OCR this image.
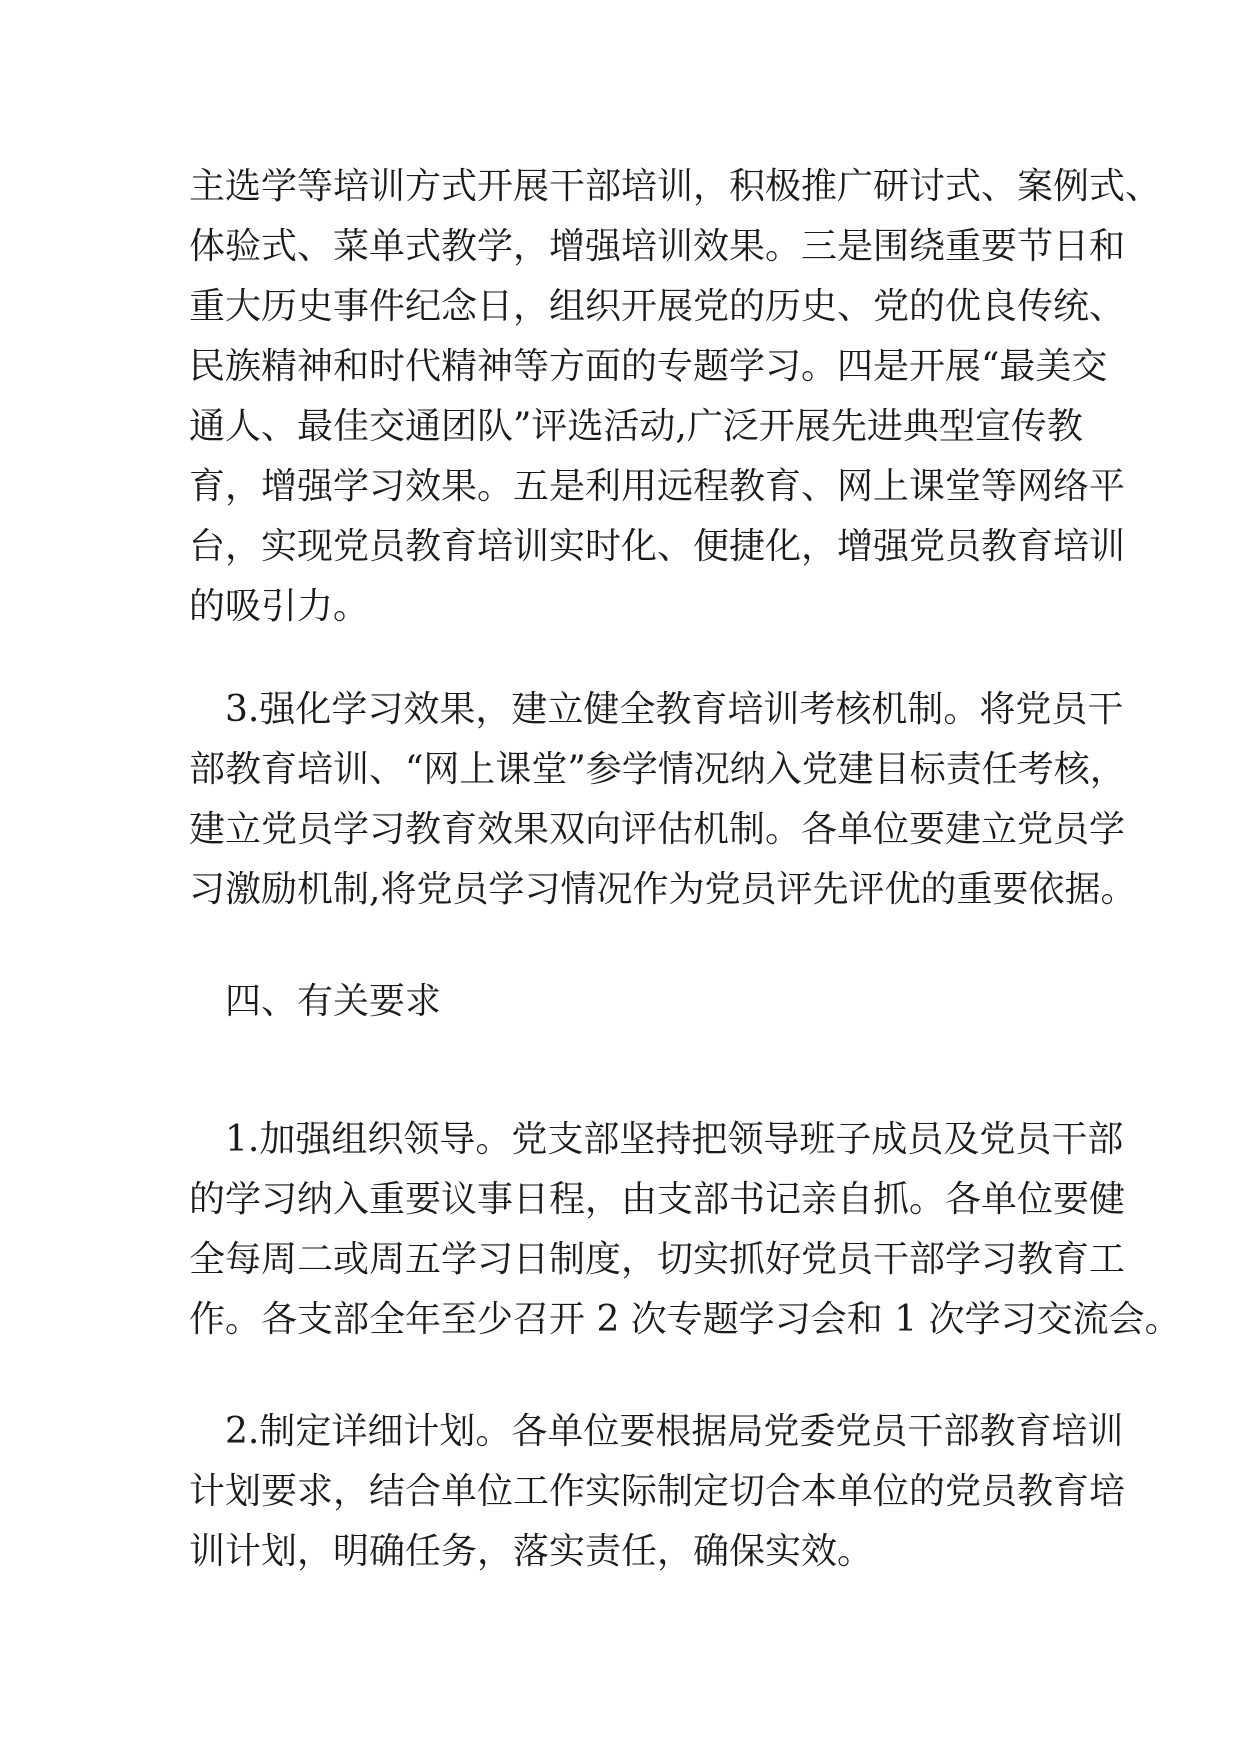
主选学等培训方式开展干部培训，积极推广研讨式、案例式、
体验式、菜单式教学，增强培训效果。三是围绕重要节日和
重大历史事件纪念日，组织开展党的历史、党的优良传统、
民族精神和时代精神等方面的专题学习。四是开展“最美交
通人、最佳交通团队”评选活动,广泛开展先进典型宣传教
育，增强学习效果。五是利用远程教育、网上课堂等网络平
台，实现党员教育培训实时化、便捷化，增强党员教育培训
的吸引力。
3.强化学习效果，建立健全教育培训考核机制。将党员干
部教育培训、“网上课堂”参学情况纳入党建目标责任考核，
建立党员学习教育效果双向评估机制。各单位要建立党员学
习激励机制,将党员学习情况作为党员评先评优的重要依据。
四、有关要求
1.加强组织领导。党支部坚持把领导班子成员及党员干部
的学习纳入重要议事日程，由支部书记亲自抓。各单位要健
全每周二或周五学习日制度，切实抓好党员干部学习教育工
作。各支部全年至少召开 2 次专题学习会和 1 次学习交流会。
2.制定详细计划。各单位要根据局党委党员干部教育培训
计划要求，结合单位工作实际制定切合本单位的党员教育培
训计划，明确任务，落实责任，确保实效。
